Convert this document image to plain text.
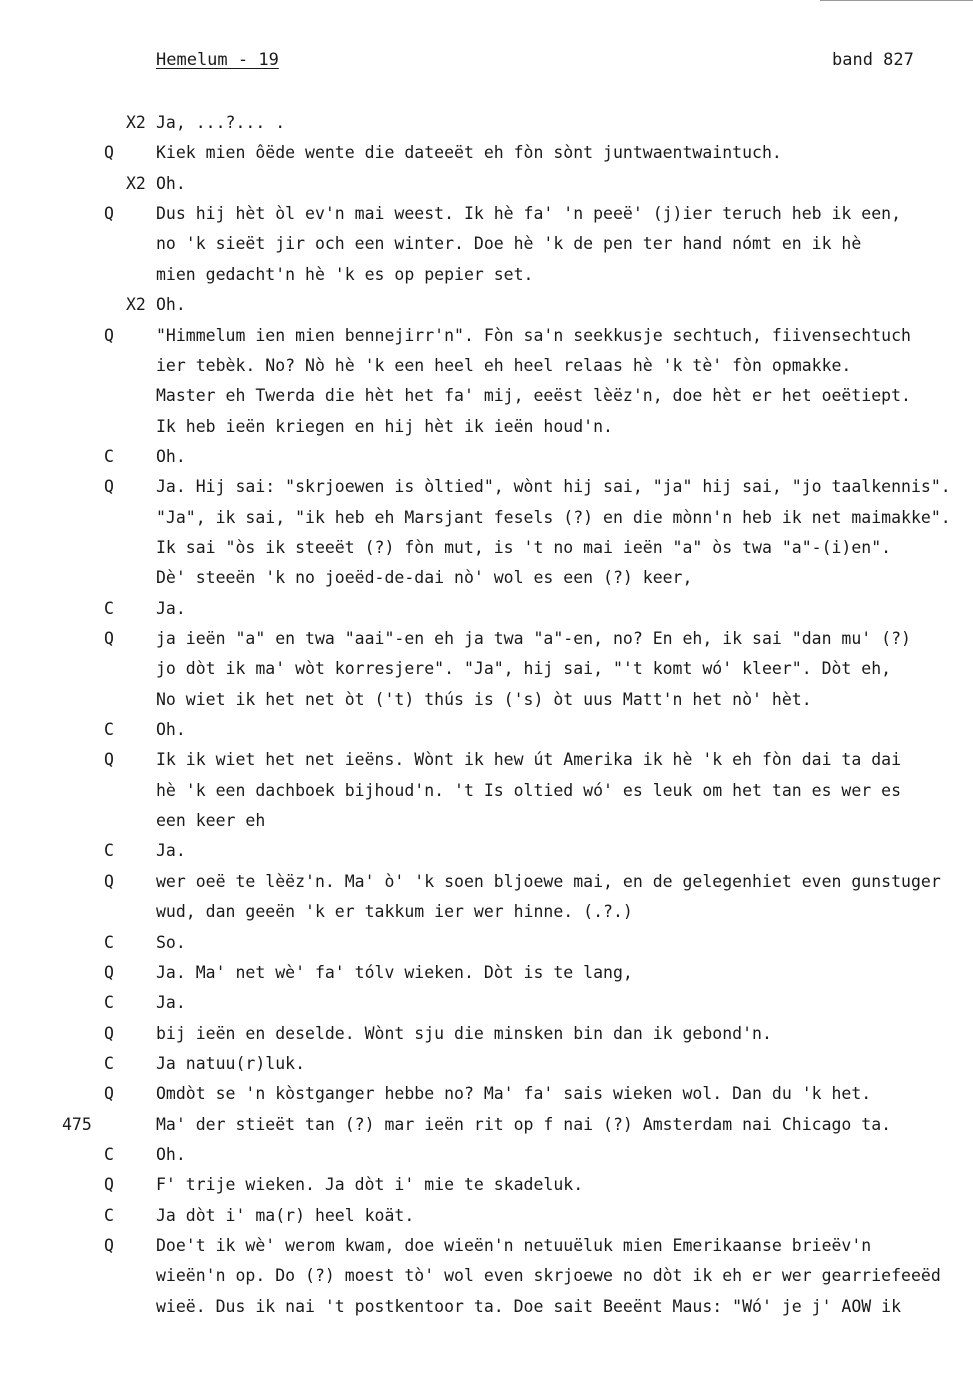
Hemelum - 19	band 827
X2 Ja, ...?... .
Q	Kiek mien ôëde wente die dateeët eh fòn sònt juntwaentwaintuch.
X2 Oh.
Q	Dus hij hèt òl ev'n mai weest. Ik hè fa' 'n peeë' (j)ier teruch heb ik een,
no 'k sieët jir och een winter. Doe hè 'k de pen ter hand nómt en ik hè
mien gedacht'n hè 'k es op pepier set.
X2 Oh.
Q	"Himmelum ien mien bennejirr'n". Fòn sa'n seekkusje sechtuch, fiivensechtuch
ier tebèk. No? Nò hè 'k een heel eh heel relaas hè 'k tè' fòn opmakke.
Master eh Twerda die hèt het fa' mij, eeëst lèëz'n, doe hèt er het oeëtiept.
Ik heb ieën kriegen en hij hèt ik ieën houd'n.
C	Oh.
Q	Ja. Hij sai: "skrjoewen is òltied", wònt hij sai, "ja" hij sai, "jo taalkennis".
"Ja", ik sai, "ik heb eh Marsjant fesels (?) en die mònn'n heb ik net maimakke".
Ik sai "òs ik steeët (?) fòn mut, is 't no mai ieën "a" òs twa "a"-(i)en".
Dè' steeën 'k no joeëd-de-dai nò' wol es een (?) keer,
C	Ja.
Q	ja ieën "a" en twa "aai"-en eh ja twa "a"-en, no? En eh, ik sai "dan mu' (?)
jo dòt ik ma' wòt korresjere". "Ja", hij sai, "'t komt wó' kleer". Dòt eh,
No wiet ik het net òt ('t) thús is ('s) òt uus Matt'n het nò' hèt.
C	Oh.
Q	Ik ik wiet het net ieëns. Wònt ik hew út Amerika ik hè 'k eh fòn dai ta dai
hè 'k een dachboek bijhoud'n. 't Is oltied wó' es leuk om het tan es wer es
een keer eh
C	Ja.
Q	wer oeë te lèëz'n. Ma' ò' 'k soen bljoewe mai, en de gelegenhiet even gunstuger
wud, dan geeën 'k er takkum ier wer hinne. (.?.)
C	So.
Q	Ja. Ma' net wè' fa' tólv wieken. Dòt is te lang,
C	Ja.
Q	bij ieën en deselde. Wònt sju die minsken bin dan ik gebond'n.
C	Ja natuu(r)luk.
Q	Omdòt se 'n kòstganger hebbe no? Ma' fa' sais wieken wol. Dan du 'k het.
475	Ma' der stieët tan (?) mar ieën rit op f nai (?) Amsterdam nai Chicago ta.
C	Oh.
Q	F' trije wieken. Ja dòt i' mie te skadeluk.
C	Ja dòt i' ma(r) heel koät.
Q	Doe't ik wè' werom kwam, doe wieën'n netuuëluk mien Emerikaanse brieëv'n
wieën'n op. Do (?) moest tò' wol even skrjoewe no dòt ik eh er wer gearriefeeëd
wieë. Dus ik nai 't postkentoor ta. Doe sait Beeënt Maus: "Wó' je j' AOW ik
